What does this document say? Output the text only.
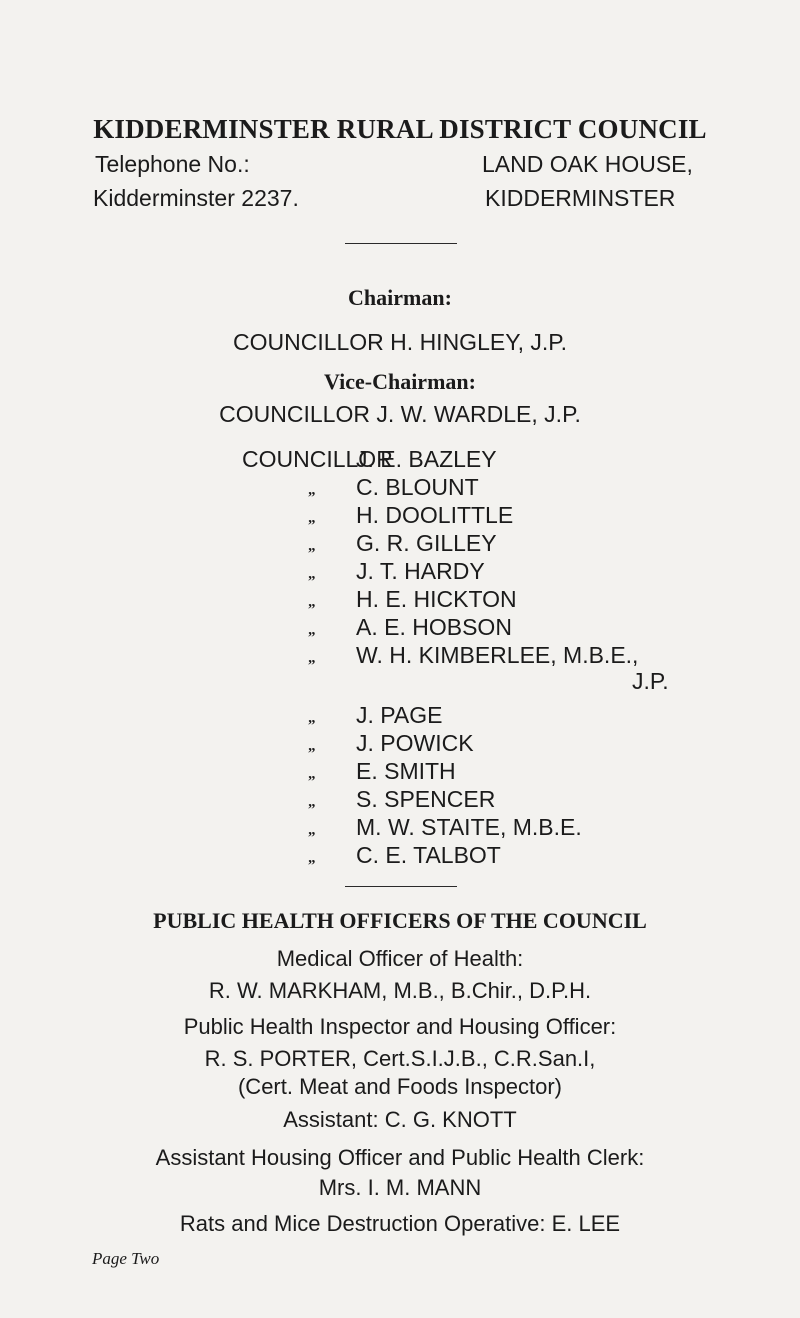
KIDDERMINSTER RURAL DISTRICT COUNCIL
Telephone No.:
Kidderminster 2237.
LAND OAK HOUSE,
KIDDERMINSTER
Chairman:
COUNCILLOR H. HINGLEY, J.P.
Vice-Chairman:
COUNCILLOR J. W. WARDLE, J.P.
COUNCILLOR
J. E. BAZLEY
„ C. BLOUNT
„ H. DOOLITTLE
„ G. R. GILLEY
„ J. T. HARDY
„ H. E. HICKTON
„ A. E. HOBSON
„ W. H. KIMBERLEE, M.B.E.,
J.P.
„ J. PAGE
„ J. POWICK
„ E. SMITH
„ S. SPENCER
„ M. W. STAITE, M.B.E.
„ C. E. TALBOT
PUBLIC HEALTH OFFICERS OF THE COUNCIL
Medical Officer of Health:
R. W. MARKHAM, M.B., B.Chir., D.P.H.
Public Health Inspector and Housing Officer:
R. S. PORTER, Cert.S.I.J.B., C.R.San.I,
(Cert. Meat and Foods Inspector)
Assistant: C. G. KNOTT
Assistant Housing Officer and Public Health Clerk:
Mrs. I. M. MANN
Rats and Mice Destruction Operative: E. LEE
Page Two
